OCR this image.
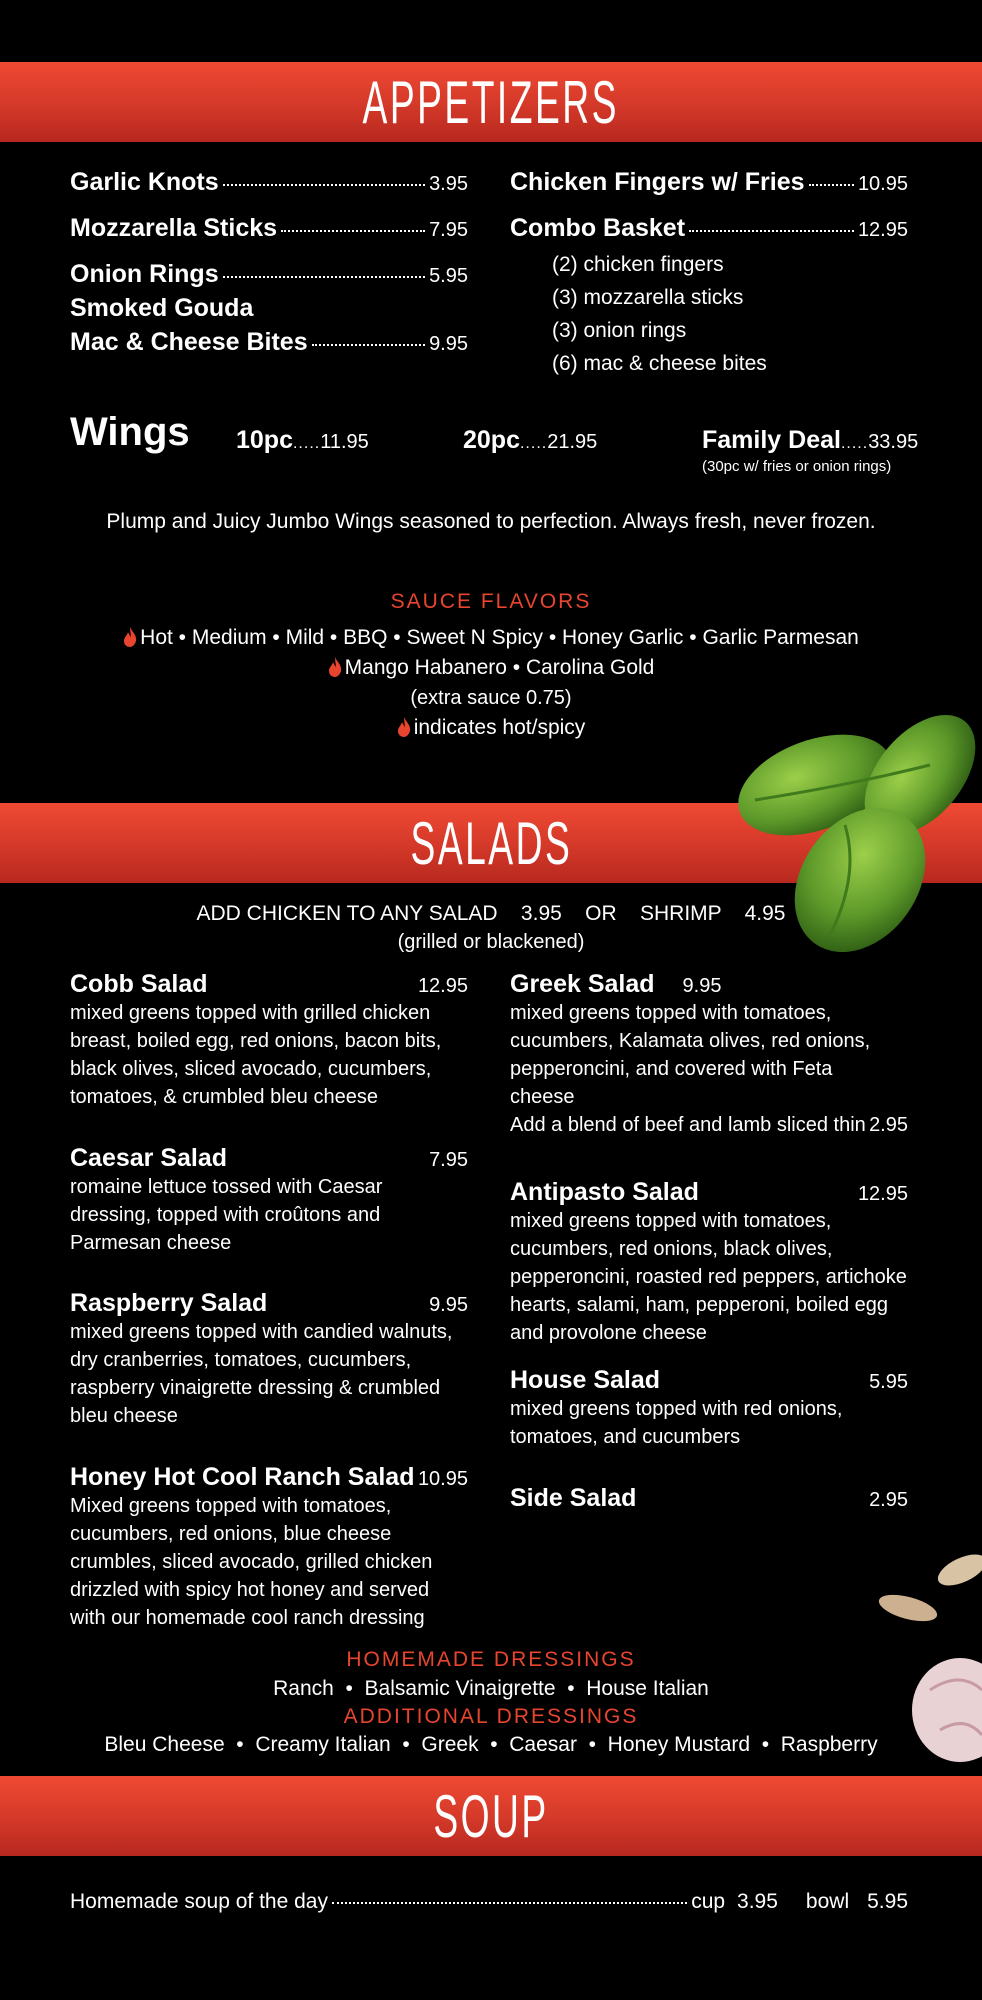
APPETIZERS
Garlic Knots	3.95
Mozzarella Sticks	7.95
Onion Rings	5.95
Smoked Gouda
Mac & Cheese Bites	9.95
Chicken Fingers w/ Fries	10.95
Combo Basket	12.95
(2) chicken fingers
(3) mozzarella sticks
(3) onion rings
(6) mac & cheese bites
Wings 10pc.....11.95	20pc.....21.95	Family Deal.....33.95
(30pc w/ fries or onion rings)
Plump and Juicy Jumbo Wings seasoned to perfection. Always fresh, never frozen.
SAUCE FLAVORS
Hot • Medium • Mild • BBQ • Sweet N Spicy • Honey Garlic • Garlic Parmesan
Mango Habanero • Carolina Gold
(extra sauce 0.75)
indicates hot/spicy
SALADS
ADD CHICKEN TO ANY SALAD    3.95    OR    SHRIMP    4.95
(grilled or blackened)
Cobb Salad	12.95
mixed greens topped with grilled chicken breast, boiled egg, red onions, bacon bits, black olives, sliced avocado, cucumbers, tomatoes, & crumbled bleu cheese
Caesar Salad	7.95
romaine lettuce tossed with Caesar dressing, topped with croûtons and Parmesan cheese
Raspberry Salad	9.95
mixed greens topped with candied walnuts, dry cranberries, tomatoes, cucumbers, raspberry vinaigrette dressing & crumbled bleu cheese
Honey Hot Cool Ranch Salad 10.95
Mixed greens topped with tomatoes, cucumbers, red onions, blue cheese crumbles, sliced avocado, grilled chicken drizzled with spicy hot honey and served with our homemade cool ranch dressing
Greek Salad 9.95
mixed greens topped with tomatoes, cucumbers, Kalamata olives, red onions, pepperoncini, and covered with Feta cheese
Add a blend of beef and lamb sliced thin 2.95
Antipasto Salad	12.95
mixed greens topped with tomatoes, cucumbers, red onions, black olives, pepperoncini, roasted red peppers, artichoke hearts, salami, ham, pepperoni, boiled egg and provolone cheese
House Salad	5.95
mixed greens topped with red onions, tomatoes, and cucumbers
Side Salad	2.95
HOMEMADE DRESSINGS
Ranch  •  Balsamic Vinaigrette  •  House Italian
ADDITIONAL DRESSINGS
Bleu Cheese  •  Creamy Italian  •  Greek  •  Caesar  •  Honey Mustard  •  Raspberry
SOUP
Homemade soup of the day	cup 3.95 bowl 5.95
